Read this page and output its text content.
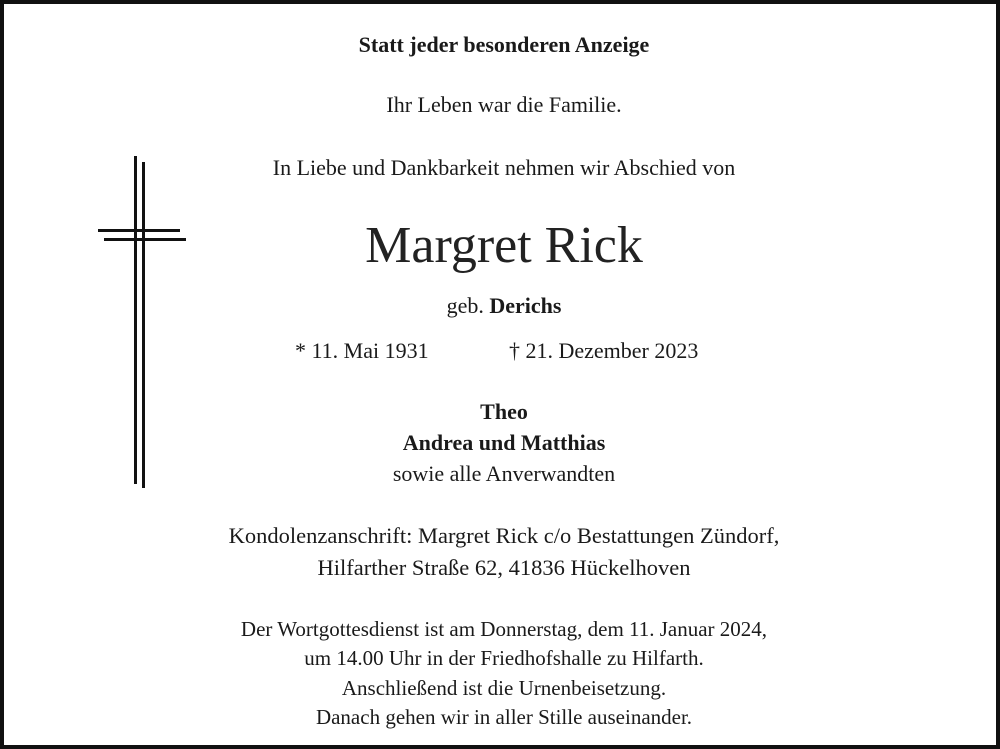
Statt jeder besonderen Anzeige
Ihr Leben war die Familie.
In Liebe und Dankbarkeit nehmen wir Abschied von
Margret Rick
geb. Derichs
* 11. Mai 1931	† 21. Dezember 2023
Theo
Andrea und Matthias
sowie alle Anverwandten
Kondolenzanschrift: Margret Rick c/o Bestattungen Zündorf,
Hilfarther Straße 62, 41836 Hückelhoven
Der Wortgottesdienst ist am Donnerstag, dem 11. Januar 2024,
um 14.00 Uhr in der Friedhofshalle zu Hilfarth.
Anschließend ist die Urnenbeisetzung.
Danach gehen wir in aller Stille auseinander.
